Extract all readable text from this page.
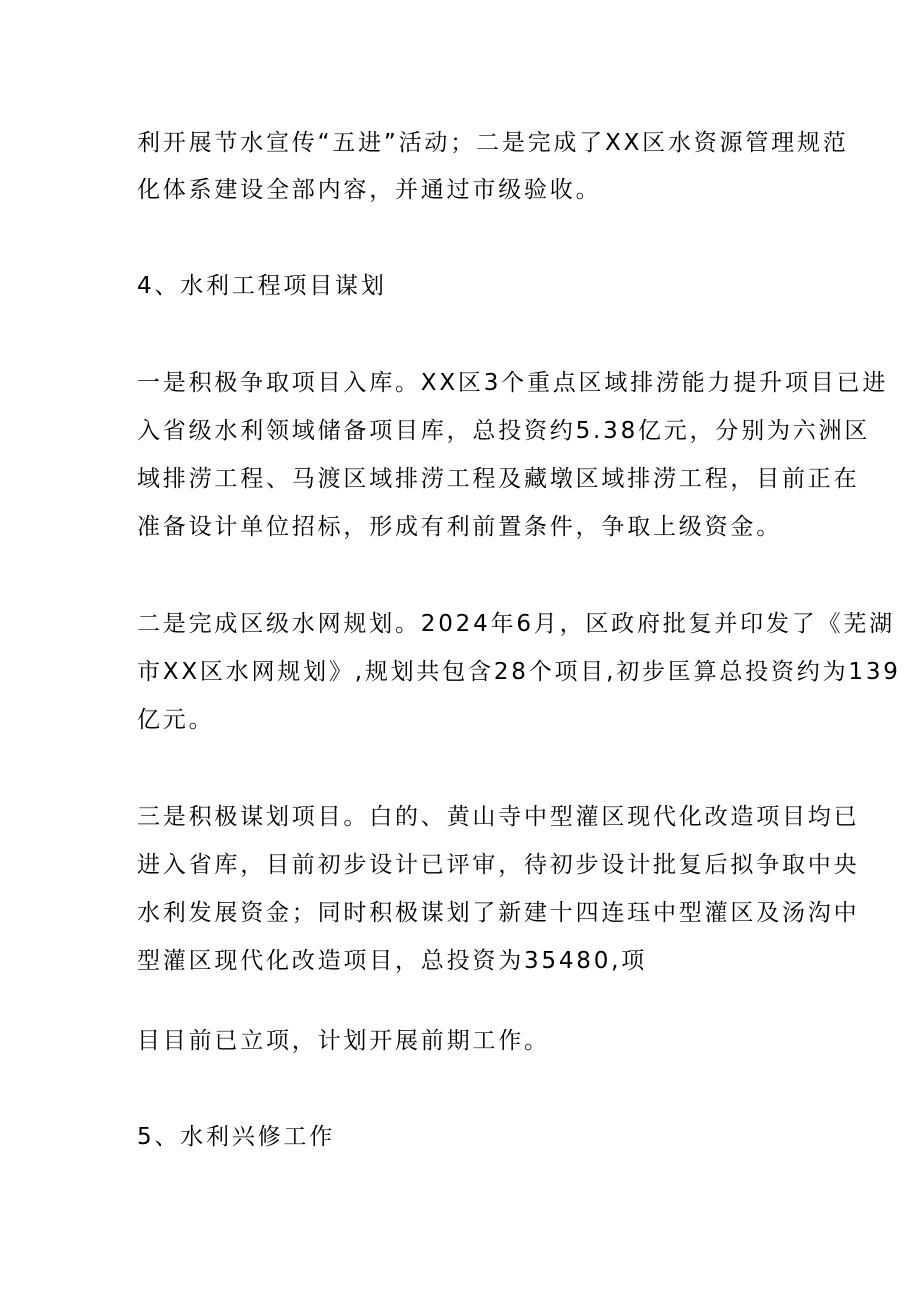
利开展节水宣传“五进”活动；二是完成了XX区水资源管理规范
化体系建设全部内容，并通过市级验收。
4、水利工程项目谋划
一是积极争取项目入库。XX区3个重点区域排涝能力提升项目已进
入省级水利领域储备项目库，总投资约5.38亿元，分别为六洲区
域排涝工程、马渡区域排涝工程及藏墩区域排涝工程，目前正在
准备设计单位招标，形成有利前置条件，争取上级资金。
二是完成区级水网规划。2024年6月，区政府批复并印发了《芜湖
市XX区水网规划》,规划共包含28个项目,初步匡算总投资约为139
亿元。
三是积极谋划项目。白的、黄山寺中型灌区现代化改造项目均已
进入省库，目前初步设计已评审，待初步设计批复后拟争取中央
水利发展资金；同时积极谋划了新建十四连珏中型灌区及汤沟中
型灌区现代化改造项目，总投资为35480,项
目目前已立项，计划开展前期工作。
5、水利兴修工作
